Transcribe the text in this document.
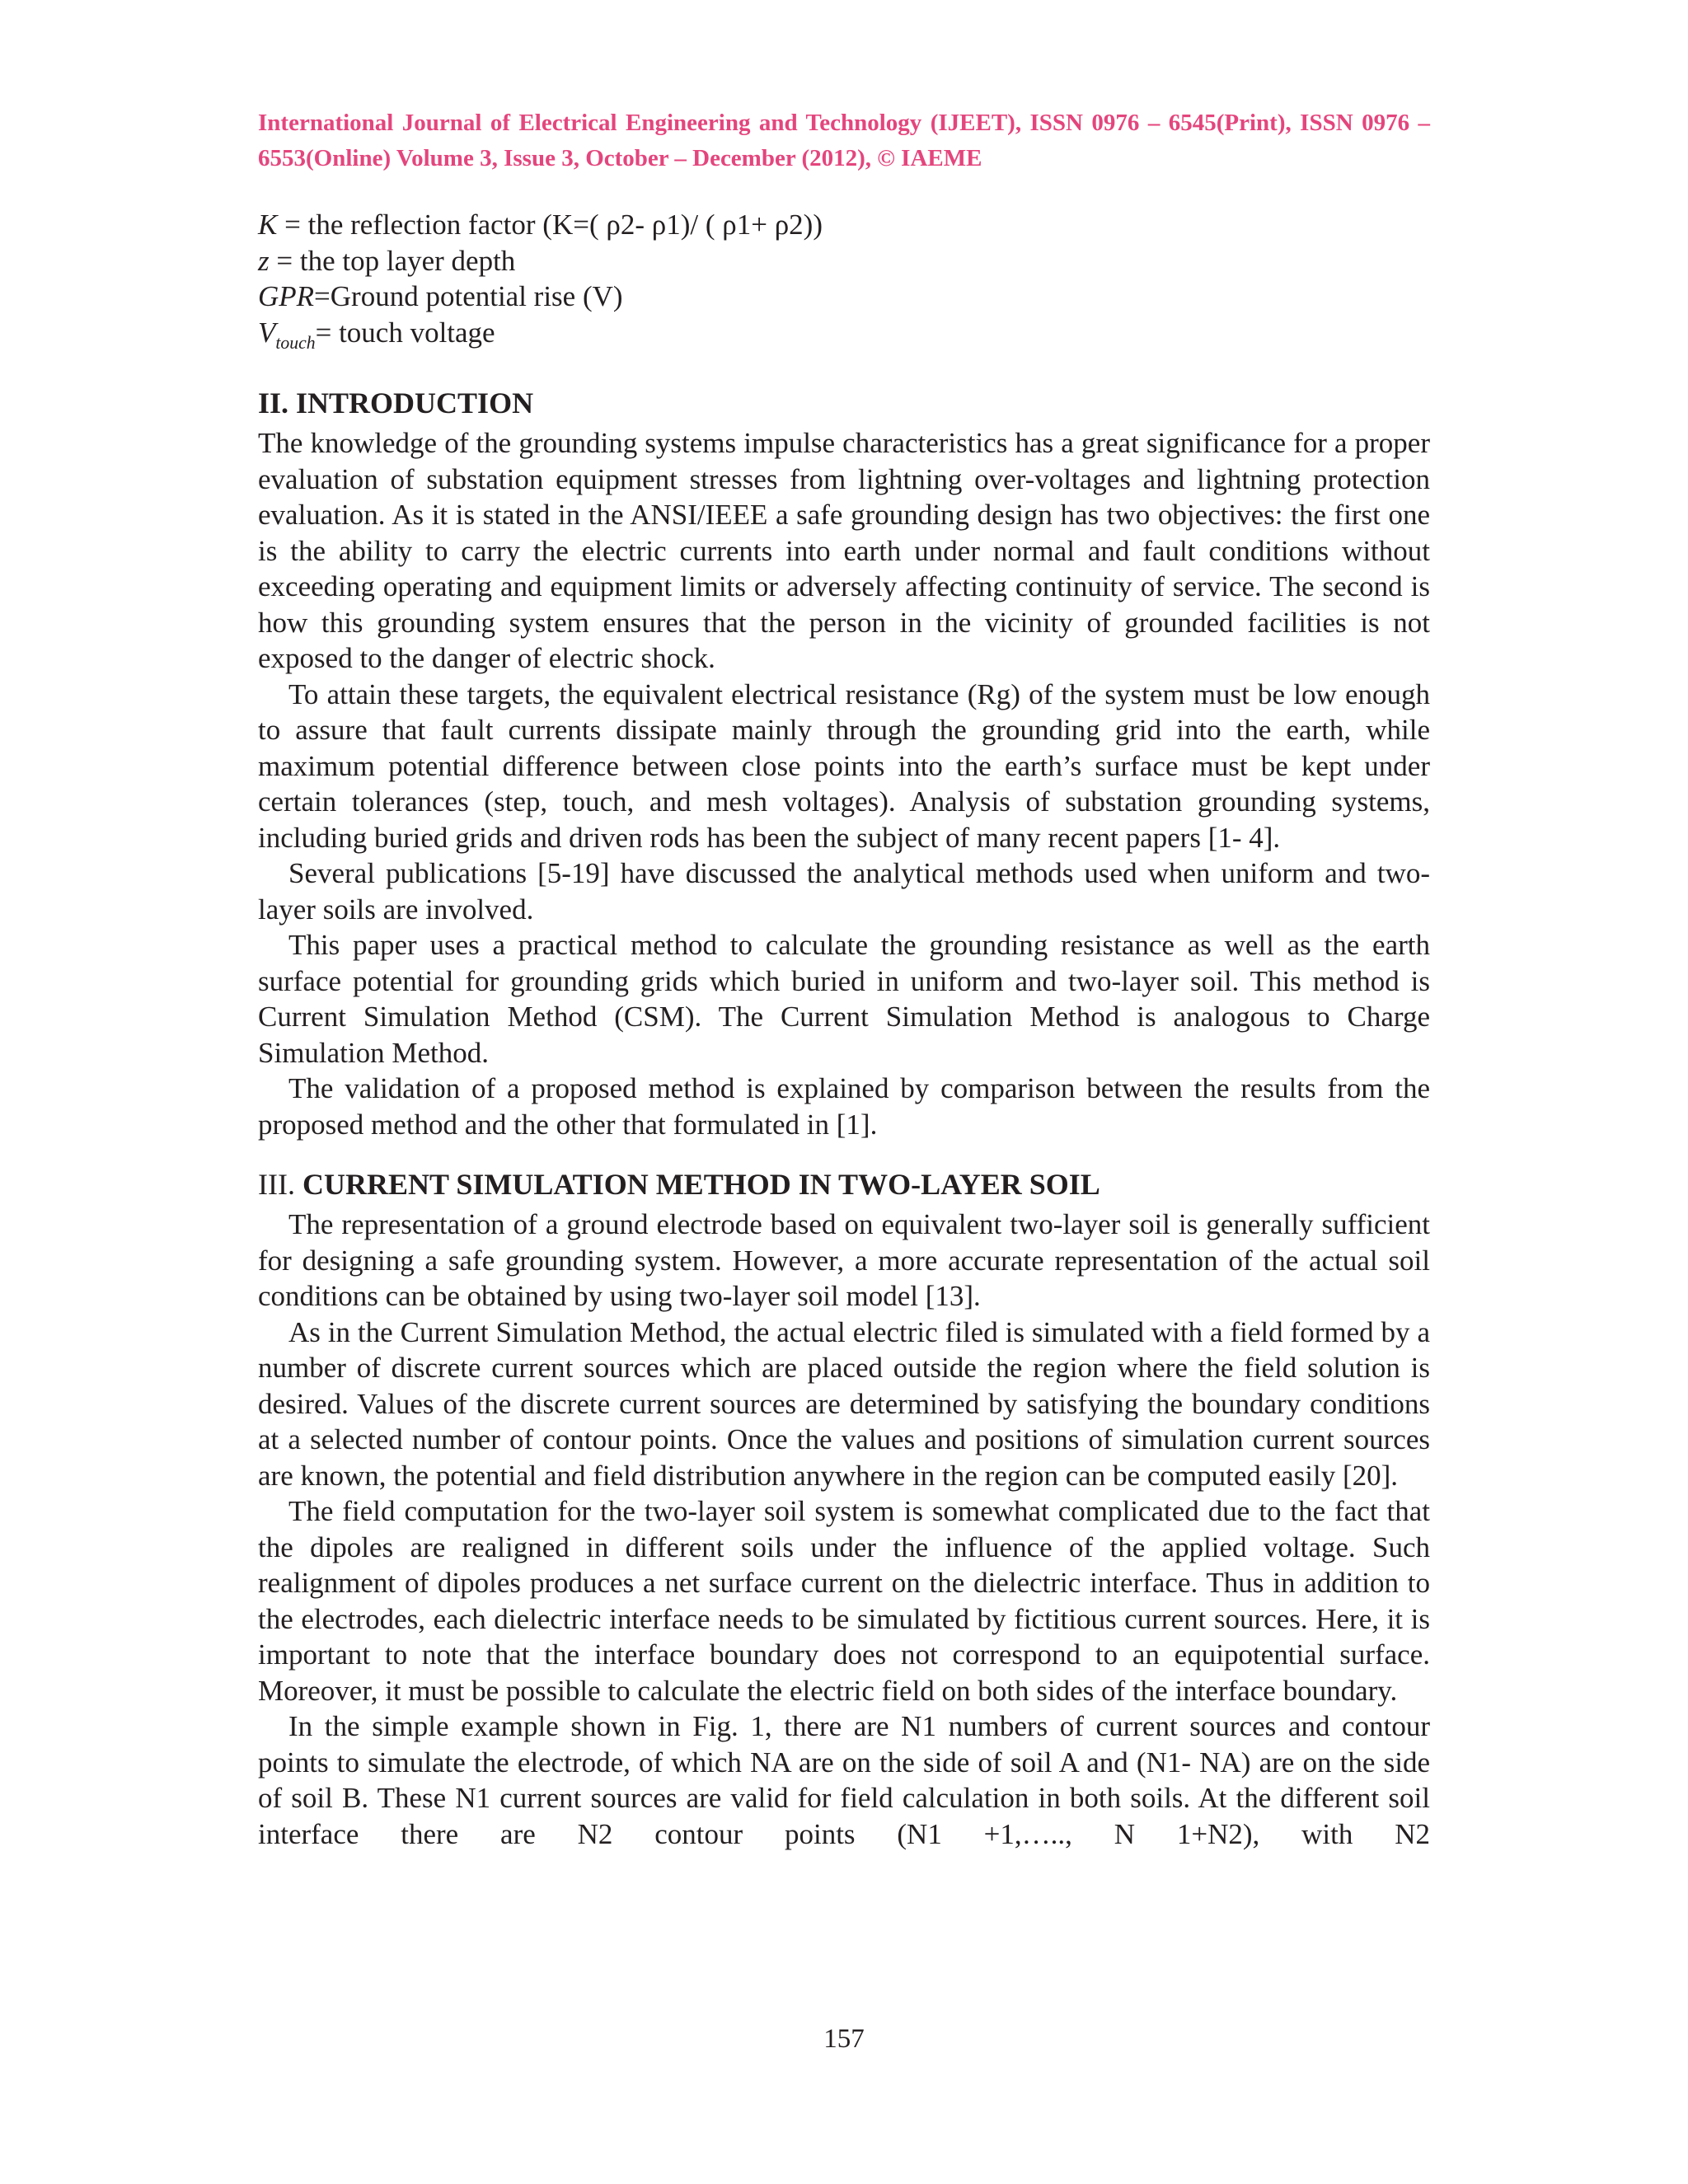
International Journal of Electrical Engineering and Technology (IJEET), ISSN 0976 – 6545(Print), ISSN 0976 – 6553(Online) Volume 3, Issue 3, October – December (2012), © IAEME
K = the reflection factor (K=( ρ2- ρ1)/ ( ρ1+ ρ2))
z = the top layer depth
GPR=Ground potential rise (V)
$V_{touch}=$ touch voltage
II. INTRODUCTION

The knowledge of the grounding systems impulse characteristics has a great significance for a proper evaluation of substation equipment stresses from lightning over-voltages and lightning protection evaluation. As it is stated in the ANSI/IEEE a safe grounding design has two objectives: the first one is the ability to carry the electric currents into earth under normal and fault conditions without exceeding operating and equipment limits or adversely affecting continuity of service. The second is how this grounding system ensures that the person in the vicinity of grounded facilities is not exposed to the danger of electric shock.

To attain these targets, the equivalent electrical resistance (Rg) of the system must be low enough to assure that fault currents dissipate mainly through the grounding grid into the earth, while maximum potential difference between close points into the earth’s surface must be kept under certain tolerances (step, touch, and mesh voltages). Analysis of substation grounding systems, including buried grids and driven rods has been the subject of many recent papers [1- 4].

Several publications [5-19] have discussed the analytical methods used when uniform and two-layer soils are involved.

This paper uses a practical method to calculate the grounding resistance as well as the earth surface potential for grounding grids which buried in uniform and two-layer soil. This method is Current Simulation Method (CSM). The Current Simulation Method is analogous to Charge Simulation Method.

The validation of a proposed method is explained by comparison between the results from the proposed method and the other that formulated in [1].

III. CURRENT SIMULATION METHOD IN TWO-LAYER SOIL

The representation of a ground electrode based on equivalent two-layer soil is generally sufficient for designing a safe grounding system. However, a more accurate representation of the actual soil conditions can be obtained by using two-layer soil model [13].

As in the Current Simulation Method, the actual electric filed is simulated with a field formed by a number of discrete current sources which are placed outside the region where the field solution is desired. Values of the discrete current sources are determined by satisfying the boundary conditions at a selected number of contour points. Once the values and positions of simulation current sources are known, the potential and field distribution anywhere in the region can be computed easily [20].

The field computation for the two-layer soil system is somewhat complicated due to the fact that the dipoles are realigned in different soils under the influence of the applied voltage. Such realignment of dipoles produces a net surface current on the dielectric interface. Thus in addition to the electrodes, each dielectric interface needs to be simulated by fictitious current sources. Here, it is important to note that the interface boundary does not correspond to an equipotential surface. Moreover, it must be possible to calculate the electric field on both sides of the interface boundary.

In the simple example shown in Fig. 1, there are N1 numbers of current sources and contour points to simulate the electrode, of which NA are on the side of soil A and (N1- NA) are on the side of soil B. These N1 current sources are valid for field calculation in both soils. At the different soil interface there are N2 contour points (N1 +1,….., N 1+N2), with N2

157
